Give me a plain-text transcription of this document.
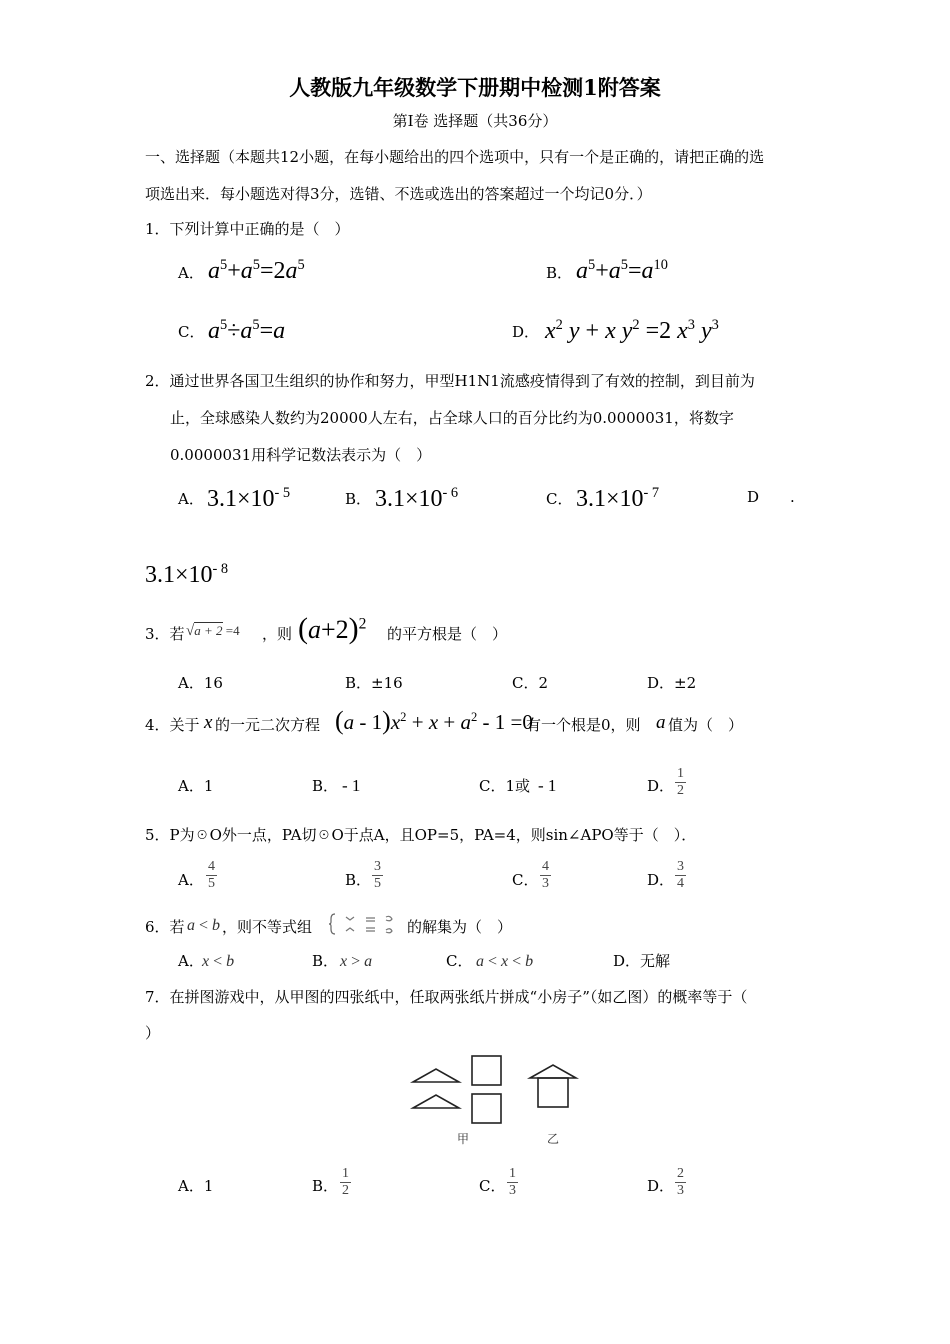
人教版九年级数学下册期中检测1附答案
第Ⅰ卷 选择题（共36分）
一、选择题（本题共12小题，在每小题给出的四个选项中，只有一个是正确的，请把正确的选
项选出来．每小题选对得3分，选错、不选或选出的答案超过一个均记0分．）
1．下列计算中正确的是（　）
A． $a^5+a^5=2a^5$	B． $a^5+a^5=a^{10}$
C． $a^5\div a^5=a$	D． $x^2$ y + x $y^2 =2$ $x^3$ $y^3$
2．通过世界各国卫生组织的协作和努力，甲型H1N1流感疫情得到了有效的控制，到目前为
止，全球感染人数约为20000人左右，占全球人口的百分比约为0.0000031，将数字
0.0000031用科学记数法表示为（　）
A． $3.1\times 10^{- 5}$	B． $3.1\times 10^{- 6}$	C． $3.1\times 10^{- 7}$	D .
$3.1\times 10^{- 8}$
3．若 √a + 2 =4 ，则 $(a+2)^2$
的平方根是（　）
A．16	B．±16	C．2	D．±2
4．关于 x 的一元二次方程 $(a - 1)x^2 + x + a^2 - 1 =0$
有一个根是0，则 a 值为（　）
A．1	B． - 1	C．1或 - 1	D． $\frac{1}{2}$
5．P为☉O外一点，PA切☉O于点A，且OP=5，PA=4，则sin∠APO等于（　）．
A． $\frac{4}{5}$	B． $\frac{3}{5}$	C． $\frac{4}{3}$	D． $\frac{3}{4}$
6．若 a < b ，则不等式组	的解集为（　）
A．
x < b	B． x > a	C． a < x < b	D．无解
7．在拼图游戏中，从甲图的四张纸中，任取两张纸片拼成“小房子”（如乙图）的概率等于（
）
甲	乙
A．1	B． $\frac{1}{2}$	C． $\frac{1}{3}$	D． $\frac{2}{3}$
